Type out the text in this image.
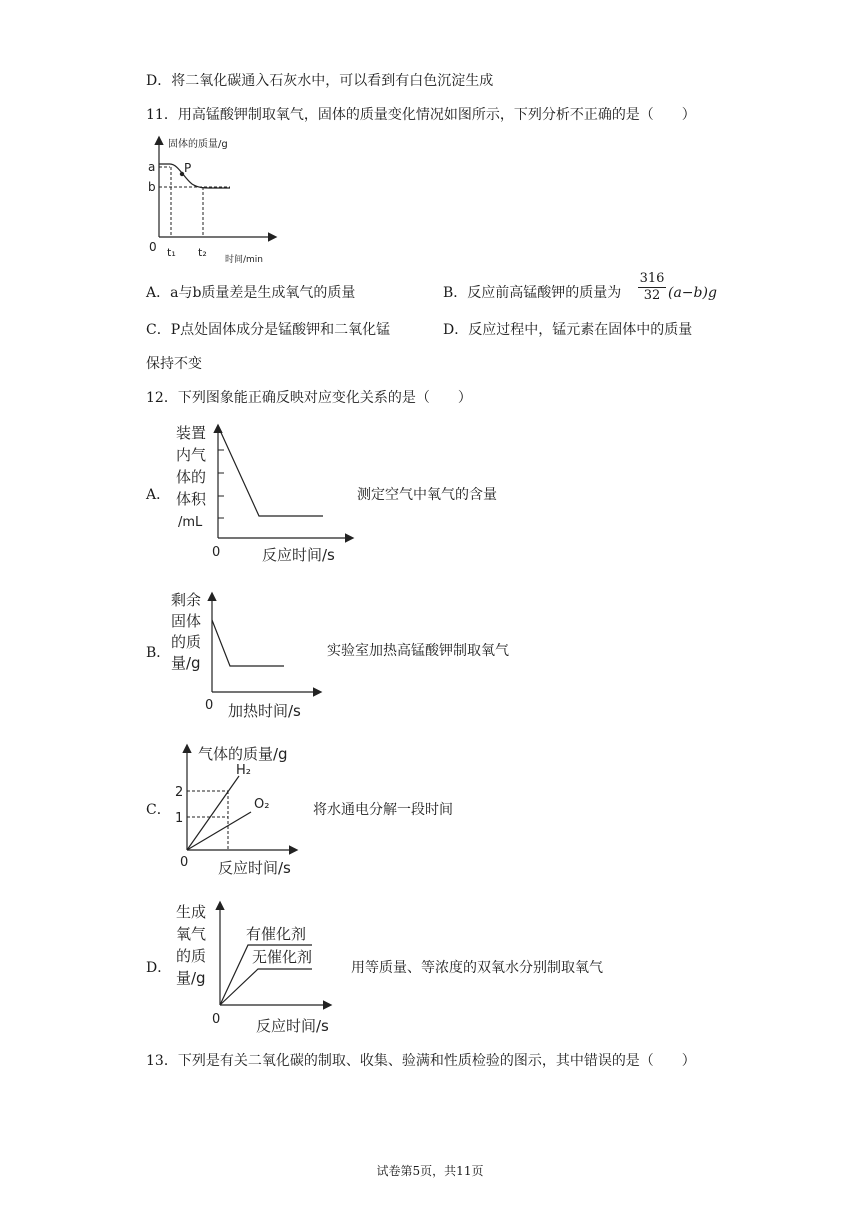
D．将二氧化碳通入石灰水中，可以看到有白色沉淀生成
11．用高锰酸钾制取氧气，固体的质量变化情况如图所示，下列分析不正确的是（　　）
固体的质量/g
a
b
0
P
t₁ t₂
时间/min
A．a与b质量差是生成氧气的质量	B．反应前高锰酸钾的质量为 $\frac{316}{32} (a-b)g$
C．P点处固体成分是锰酸钾和二氧化锰	D．反应过程中，锰元素在固体中的质量
保持不变
12．下列图象能正确反映对应变化关系的是（　　）
A．
装置
内气
体的
体积
/mL
0	反应时间/s
测定空气中氧气的含量
B．
剩余
固体
的质
量/g
0 加热时间/s
实验室加热高锰酸钾制取氧气
C．
气体的质量/g
2
1
H₂
O₂
0 反应时间/s
将水通电分解一段时间
D．
生成
氧气
的质
量/g
有催化剂
无催化剂
0 反应时间/s
用等质量、等浓度的双氧水分别制取氧气
13．下列是有关二氧化碳的制取、收集、验满和性质检验的图示，其中错误的是（　　）
试卷第5页，共11页
